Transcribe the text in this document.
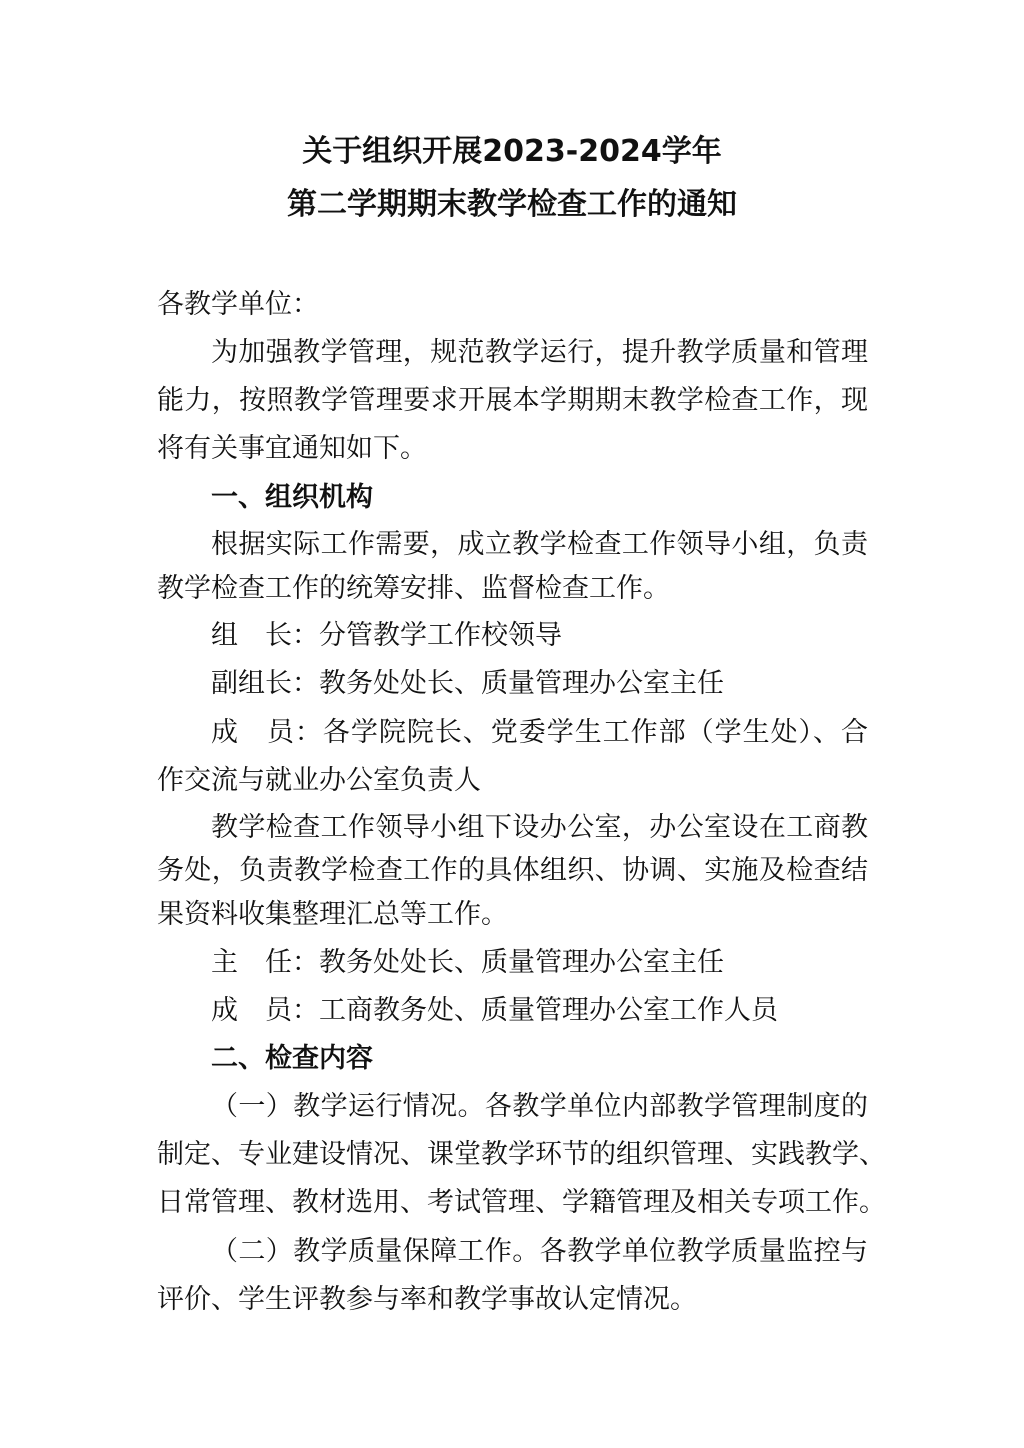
关于组织开展2023-2024学年
第二学期期末教学检查工作的通知
各教学单位：
为加强教学管理，规范教学运行，提升教学质量和管理
能力，按照教学管理要求开展本学期期末教学检查工作，现
将有关事宜通知如下。
一、组织机构
根据实际工作需要，成立教学检查工作领导小组，负责
教学检查工作的统筹安排、监督检查工作。
组　长：分管教学工作校领导
副组长：教务处处长、质量管理办公室主任
成　员：各学院院长、党委学生工作部（学生处）、合
作交流与就业办公室负责人
教学检查工作领导小组下设办公室，办公室设在工商教
务处，负责教学检查工作的具体组织、协调、实施及检查结
果资料收集整理汇总等工作。
主　任：教务处处长、质量管理办公室主任
成　员：工商教务处、质量管理办公室工作人员
二、检查内容
（一）教学运行情况。各教学单位内部教学管理制度的
制定、专业建设情况、课堂教学环节的组织管理、实践教学、
日常管理、教材选用、考试管理、学籍管理及相关专项工作。
（二）教学质量保障工作。各教学单位教学质量监控与
评价、学生评教参与率和教学事故认定情况。
